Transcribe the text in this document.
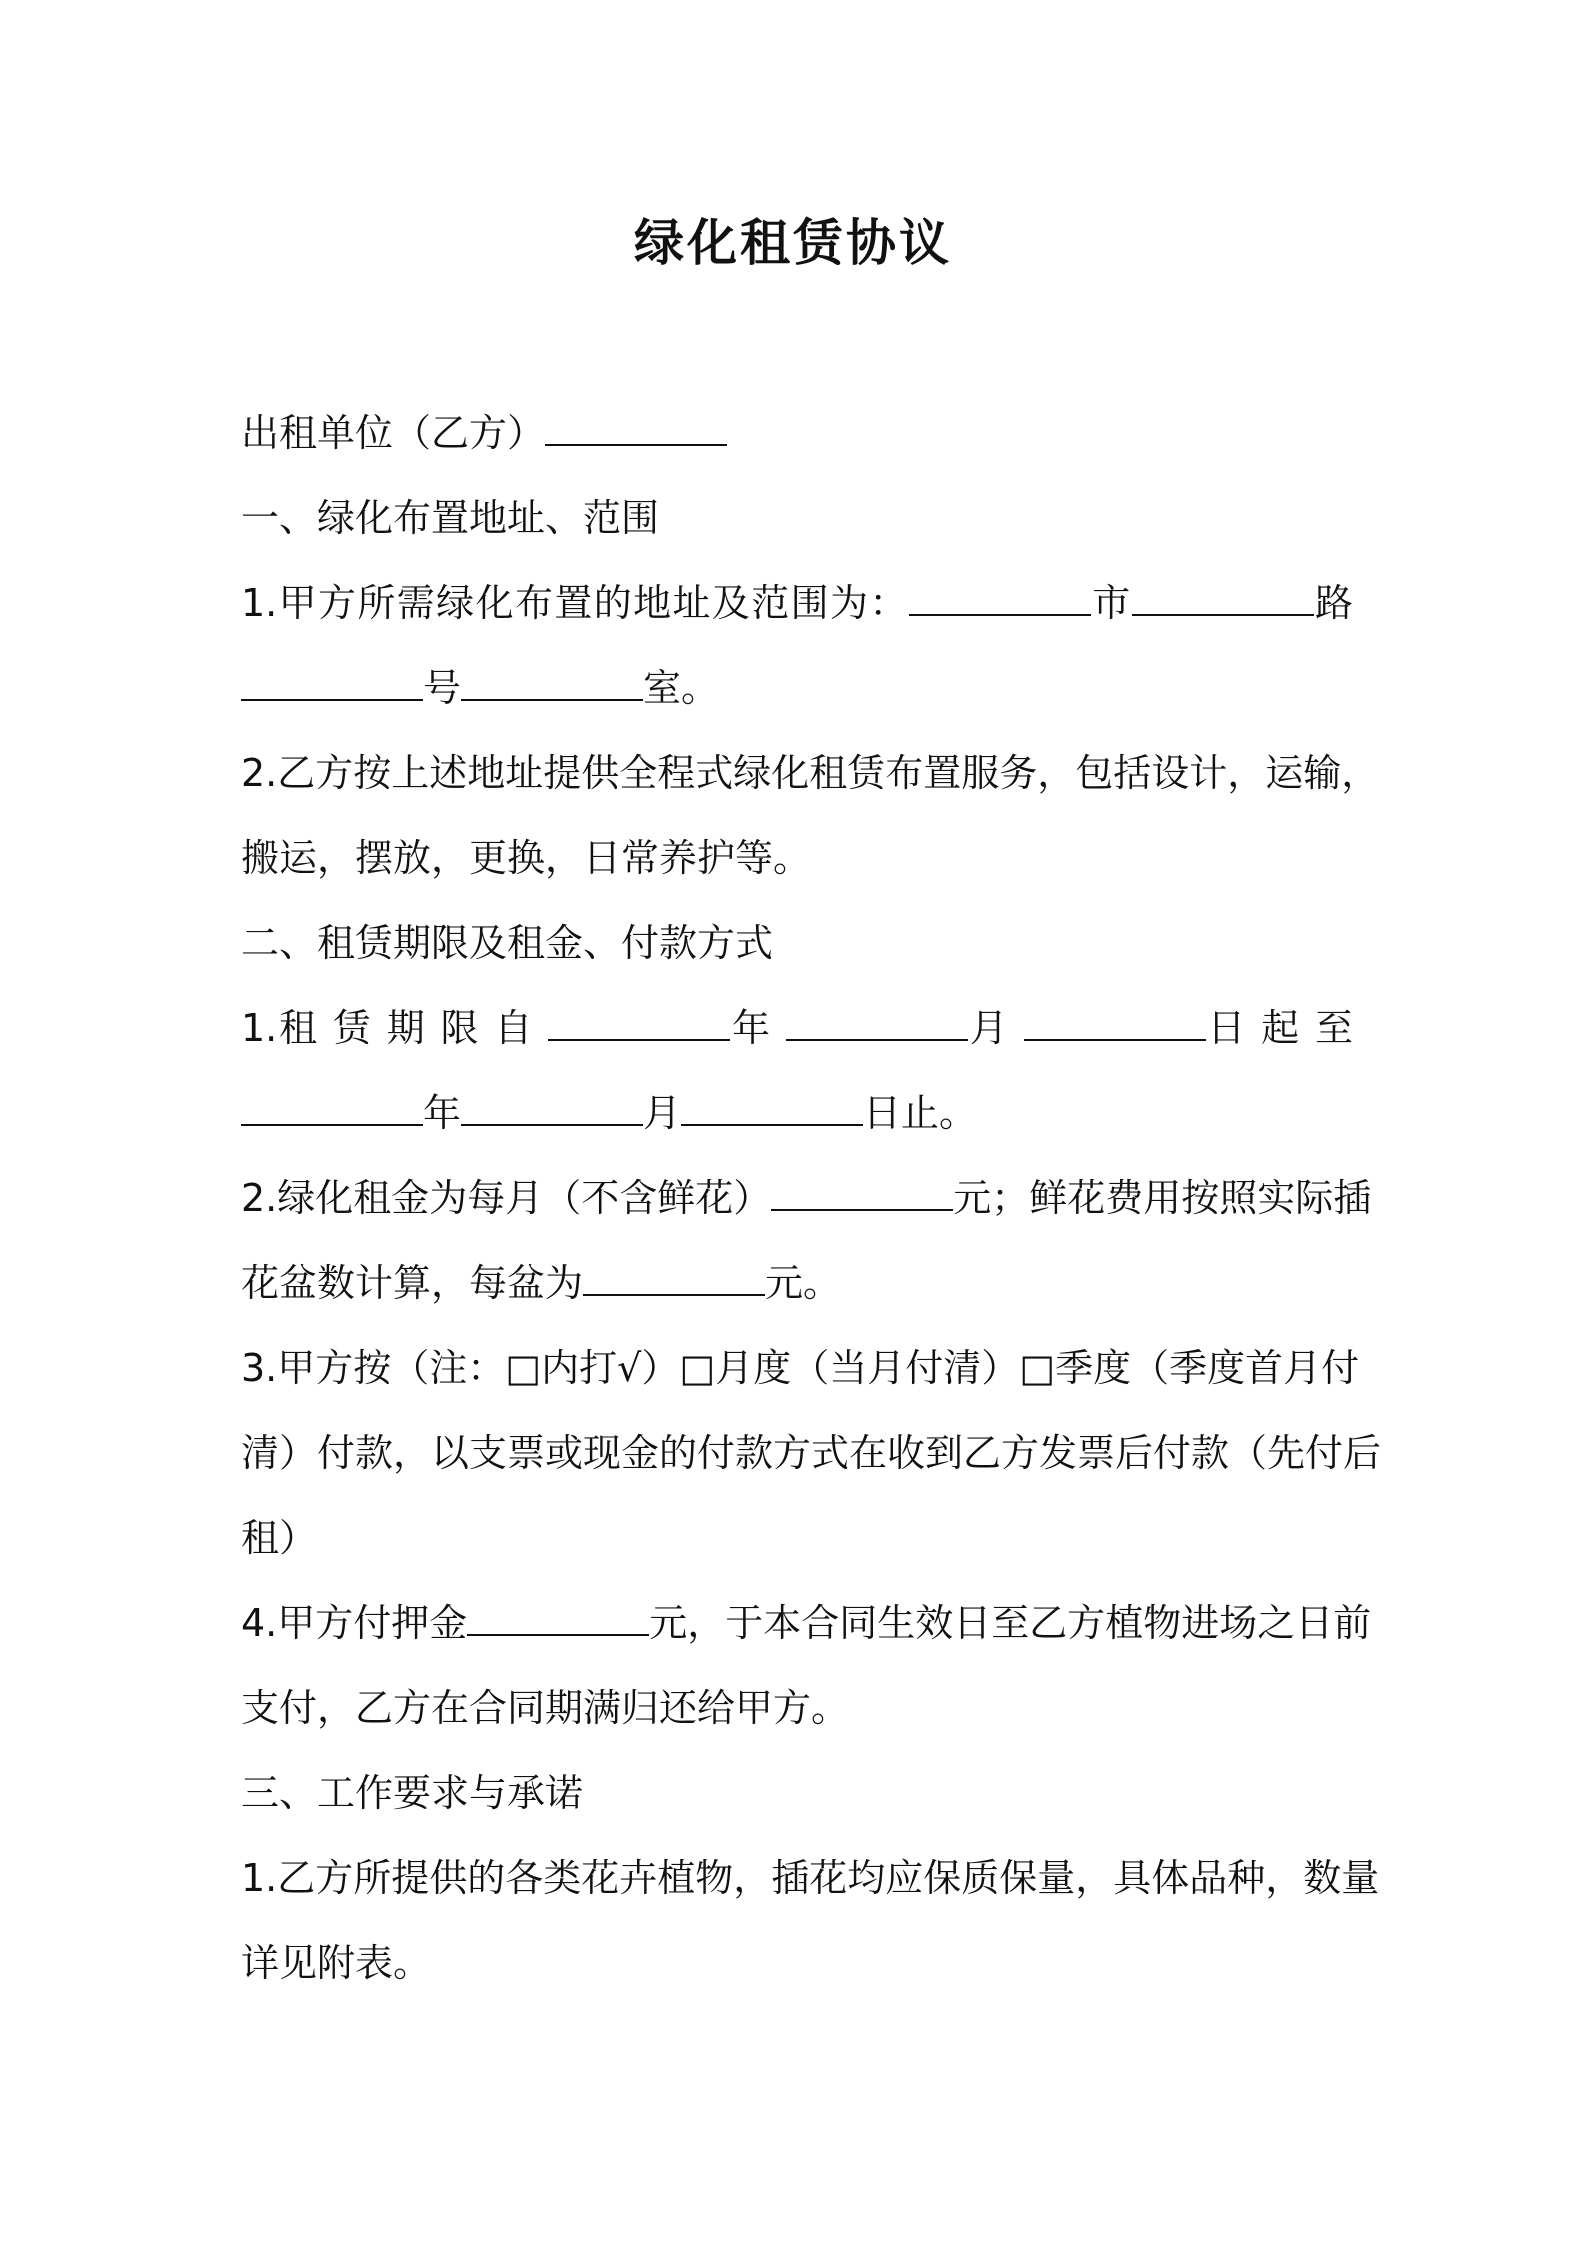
绿化租赁协议
出租单位（乙方）
一、绿化布置地址、范围
1.甲方所需绿化布置的地址及范围为：	市	路
号	室。
2.乙方按上述地址提供全程式绿化租赁布置服务，包括设计，运输，
搬运，摆放，更换，日常养护等。
二、租赁期限及租金、付款方式
1.租 赁 期 限 自	年	月	日 起 至
年	月	日止。
2.绿化租金为每月（不含鲜花）	元；鲜花费用按照实际插
花盆数计算，每盆为	元。
3.甲方按（注：□内打√）□月度（当月付清）□季度（季度首月付
清）付款，以支票或现金的付款方式在收到乙方发票后付款（先付后
租）
4.甲方付押金	元，于本合同生效日至乙方植物进场之日前
支付，乙方在合同期满归还给甲方。
三、工作要求与承诺
1.乙方所提供的各类花卉植物，插花均应保质保量，具体品种，数量
详见附表。
